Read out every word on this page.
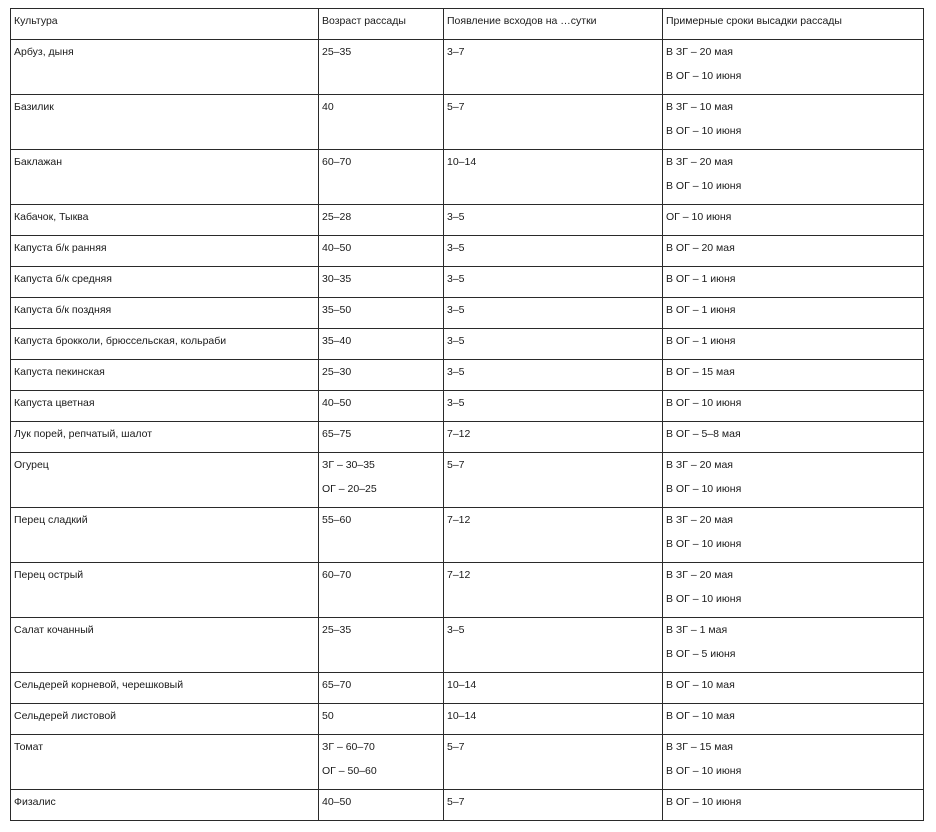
Культура	Возраст рассады	Появление всходов на …сутки	Примерные сроки высадки рассады
Арбуз, дыня	25–35	3–7	В ЗГ – 20 мая
В ОГ – 10 июня

Базилик	40	5–7	В ЗГ – 10 мая
В ОГ – 10 июня

Баклажан	60–70	10–14	В ЗГ – 20 мая
В ОГ – 10 июня

Кабачок, Тыква	25–28	3–5	ОГ – 10 июня

Капуста б/к ранняя	40–50	3–5	В ОГ – 20 мая

Капуста б/к средняя	30–35	3–5	В ОГ – 1 июня

Капуста б/к поздняя	35–50	3–5	В ОГ – 1 июня

Капуста брокколи, брюссельская, кольраби	35–40	3–5	В ОГ – 1 июня

Капуста пекинская	25–30	3–5	В ОГ – 15 мая

Капуста цветная	40–50	3–5	В ОГ – 10 июня

Лук порей, репчатый, шалот	65–75	7–12	В ОГ – 5–8 мая

Огурец	ЗГ – 30–35
ОГ – 20–25	5–7	В ЗГ – 20 мая
В ОГ – 10 июня

Перец сладкий	55–60	7–12	В ЗГ – 20 мая
В ОГ – 10 июня

Перец острый	60–70	7–12	В ЗГ – 20 мая
В ОГ – 10 июня

Салат кочанный	25–35	3–5	В ЗГ – 1 мая
В ОГ – 5 июня

Сельдерей корневой, черешковый	65–70	10–14	В ОГ – 10 мая

Сельдерей листовой	50	10–14	В ОГ – 10 мая

Томат	ЗГ – 60–70
ОГ – 50–60	5–7	В ЗГ – 15 мая
В ОГ – 10 июня

Физалис	40–50	5–7	В ОГ – 10 июня
